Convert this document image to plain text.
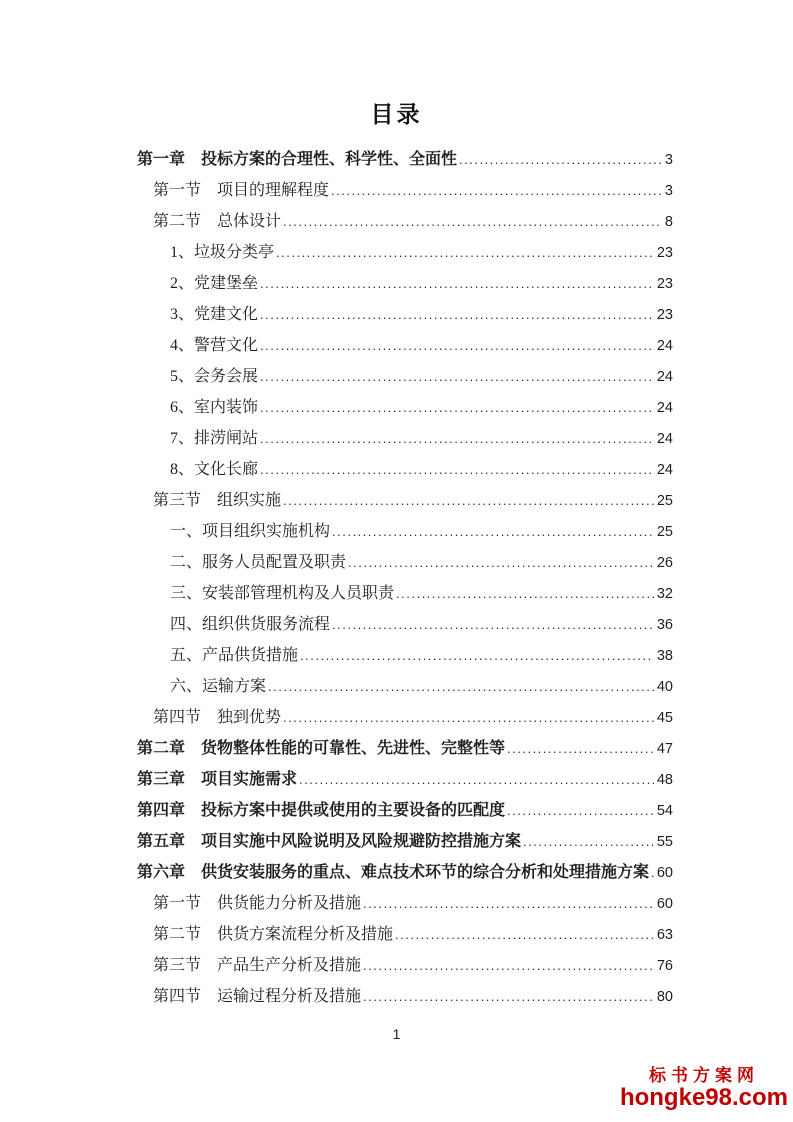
目录
第一章　投标方案的合理性、科学性、全面性 .....	3
第一节　项目的理解程度 .....	3
第二节　总体设计 .....	8
1、垃圾分类亭 .....	23
2、党建堡垒 .....	23
3、党建文化 .....	23
4、警营文化 .....	24
5、会务会展 .....	24
6、室内装饰 .....	24
7、排涝闸站 .....	24
8、文化长廊 .....	24
第三节　组织实施 .....	25
一、项目组织实施机构 .....	25
二、服务人员配置及职责 .....	26
三、安装部管理机构及人员职责 .....	32
四、组织供货服务流程 .....	36
五、产品供货措施 .....	38
六、运输方案 .....	40
第四节　独到优势 .....	45
第二章　货物整体性能的可靠性、先进性、完整性等 .....	47
第三章　项目实施需求 .....	48
第四章　投标方案中提供或使用的主要设备的匹配度 .....	54
第五章　项目实施中风险说明及风险规避防控措施方案 .....	55
第六章　供货安装服务的重点、难点技术环节的综合分析和处理措施方案 ..... 60
第一节　供货能力分析及措施 .....	60
第二节　供货方案流程分析及措施 .....	63
第三节　产品生产分析及措施 .....	76
第四节　运输过程分析及措施 .....	80
1
标书方案网
hongke98.com
